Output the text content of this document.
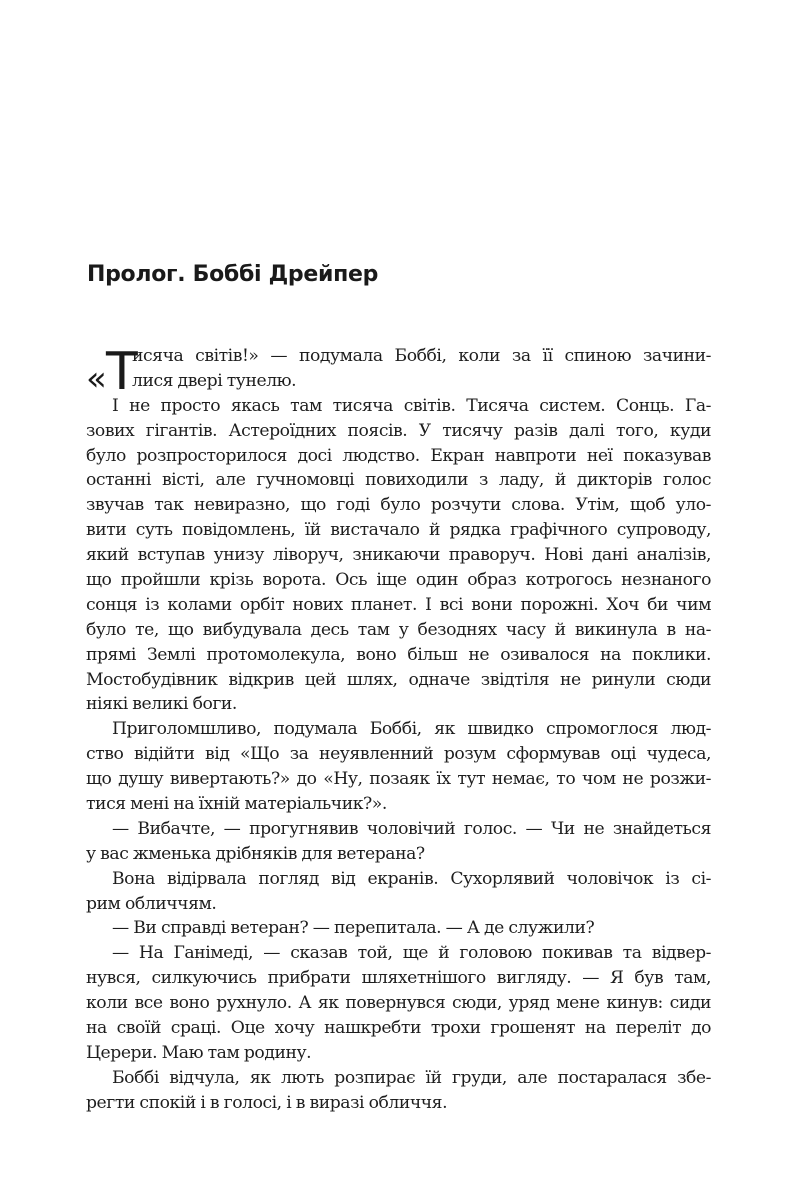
Пролог. Боббі Дрейпер
« Т
исяча світів!» — подумала Боббі, коли за її спиною зачини-
лися двері тунелю.
І не просто якась там тисяча світів. Тисяча систем. Сонць. Га-
зових гігантів. Астероїдних поясів. У тисячу разів далі того, куди
було розпросторилося досі людство. Екран навпроти неї показував
останні вісті, але гучномовці повиходили з ладу, й дикторів голос
звучав так невиразно, що годі було розчути слова. Утім, щоб уло-
вити суть повідомлень, їй вистачало й рядка графічного супроводу,
який вступав унизу ліворуч, зникаючи праворуч. Нові дані аналізів,
що пройшли крізь ворота. Ось іще один образ котрогось незнаного
сонця із колами орбіт нових планет. І всі вони порожні. Хоч би чим
було те, що вибудувала десь там у безоднях часу й викинула в на-
прямі Землі протомолекула, воно більш не озивалося на поклики.
Мостобудівник відкрив цей шлях, одначе звідтіля не ринули сюди
ніякі великі боги.
Приголомшливо, подумала Боббі, як швидко спромоглося люд-
ство відійти від «Що за неуявленний розум сформував оці чудеса,
що душу вивертають?» до «Ну, позаяк їх тут немає, то чом не розжи-
тися мені на їхній матеріальчик?».
— Вибачте, — прогугнявив чоловічий голос. — Чи не знайдеться
у вас жменька дрібняків для ветерана?
Вона відірвала погляд від екранів. Сухорлявий чоловічок із сі-
рим обличчям.
— Ви справді ветеран? — перепитала. — А де служили?
— На Ганімеді, — сказав той, ще й головою покивав та відвер-
нувся, силкуючись прибрати шляхетнішого вигляду. — Я був там,
коли все воно рухнуло. А як повернувся сюди, уряд мене кинув: сиди
на своїй сраці. Оце хочу нашкребти трохи грошенят на переліт до
Церери. Маю там родину.
Боббі відчула, як лють розпирає їй груди, але постаралася збе-
регти спокій і в голосі, і в виразі обличчя.
